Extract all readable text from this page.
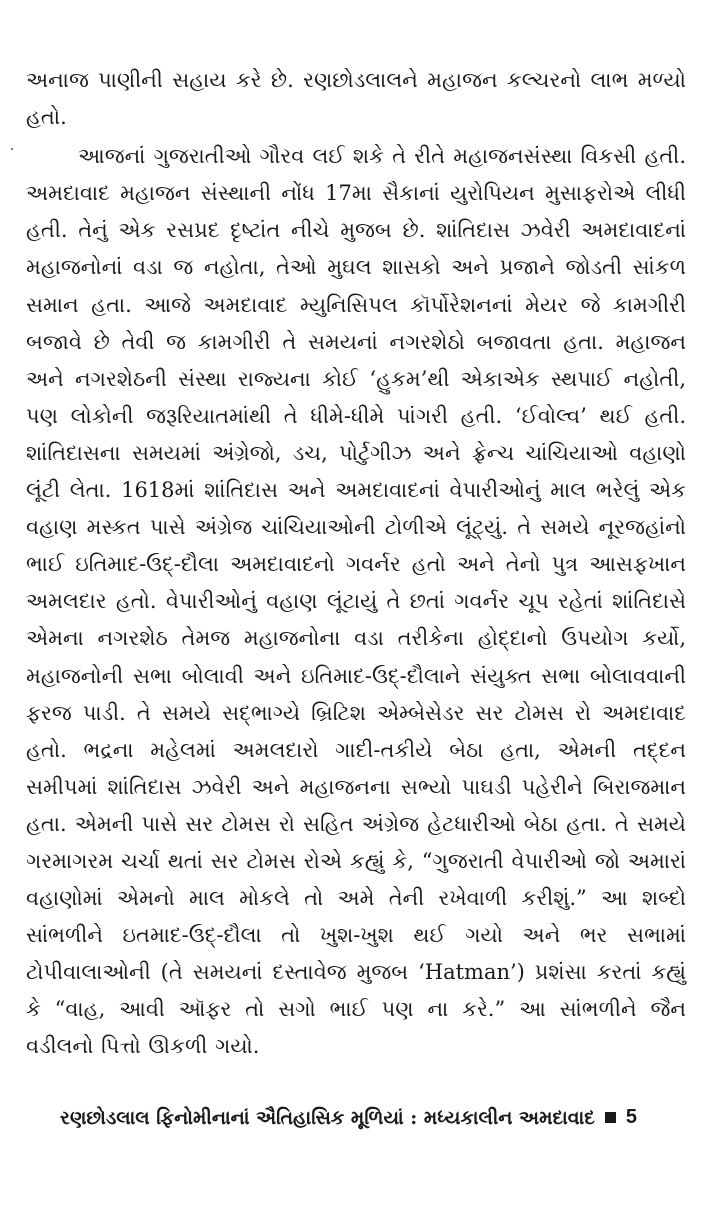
અનાજ પાણીની સહાય કરે છે. રણછોડલાલને મહાજન કલ્ચરનો લાભ મળ્યો હતો.

આજનાં ગુજરાતીઓ ગૌરવ લઈ શકે તે રીતે મહાજનસંસ્થા વિકસી હતી. અમદાવાદ મહાજન સંસ્થાની નોંધ 17મા સૈકાનાં યુરોપિયન મુસાફરોએ લીધી હતી. તેનું એક રસપ્રદ દૃષ્ટાંત નીચે મુજબ છે. શાંતિદાસ ઝવેરી અમદાવાદનાં મહાજનોનાં વડા જ નહોતા, તેઓ મુઘલ શાસકો અને પ્રજાને જોડતી સાંકળ સમાન હતા. આજે અમદાવાદ મ્યુનિસિપલ કૉર્પોરેશનનાં મેયર જે કામગીરી બજાવે છે તેવી જ કામગીરી તે સમયનાં નગરશેઠો બજાવતા હતા. મહાજન અને નગરશેઠની સંસ્થા રાજ્યના કોઈ ‘હુકમ’થી એકાએક સ્થપાઈ નહોતી, પણ લોકોની જરૂરિયાતમાંથી તે ધીમે-ધીમે પાંગરી હતી. ‘ઈવોલ્વ’ થઈ હતી. શાંતિદાસના સમયમાં અંગ્રેજો, ડચ, પોર્ટુગીઝ અને ફ્રેન્ચ ચાંચિયાઓ વહાણો લૂંટી લેતા. 1618માં શાંતિદાસ અને અમદાવાદનાં વેપારીઓનું માલ ભરેલું એક વહાણ મસ્કત પાસે અંગ્રેજ ચાંચિયાઓની ટોળીએ લૂંટ્યું. તે સમયે નૂરજહાંનો ભાઈ ઇતિમાદ-ઉદ્-દૌલા અમદાવાદનો ગવર્નર હતો અને તેનો પુત્ર આસફખાન અમલદાર હતો. વેપારીઓનું વહાણ લૂંટાયું તે છતાં ગવર્નર ચૂપ રહેતાં શાંતિદાસે એમના નગરશેઠ તેમજ મહાજનોના વડા તરીકેના હોદ્દાનો ઉપયોગ કર્યો, મહાજનોની સભા બોલાવી અને ઇતિમાદ-ઉદ્-દૌલાને સંયુક્ત સભા બોલાવવાની ફરજ પાડી. તે સમયે સદ્ભાગ્યે બ્રિટિશ એમ્બેસેડર સર ટોમસ રો અમદાવાદ હતો. ભદ્રના મહેલમાં અમલદારો ગાદી-તકીયે બેઠા હતા, એમની તદ્દન સમીપમાં શાંતિદાસ ઝવેરી અને મહાજનના સભ્યો પાઘડી પહેરીને બિરાજમાન હતા. એમની પાસે સર ટોમસ રો સહિત અંગ્રેજ હેટધારીઓ બેઠા હતા. તે સમયે ગરમાગરમ ચર્ચા થતાં સર ટોમસ રોએ કહ્યું કે, “ગુજરાતી વેપારીઓ જો અમારાં વહાણોમાં એમનો માલ મોકલે તો અમે તેની રખેવાળી કરીશું.” આ શબ્દો સાંભળીને ઇતમાદ-ઉદ્-દૌલા તો ખુશ-ખુશ થઈ ગયો અને ભર સભામાં ટોપીવાલાઓની (તે સમયનાં દસ્તાવેજ મુજબ ‘Hatman’) પ્રશંસા કરતાં કહ્યું કે “વાહ, આવી ઑફર તો સગો ભાઈ પણ ના કરે.” આ સાંભળીને જૈન વડીલનો પિત્તો ઊકળી ગયો.

રણછોડલાલ ફિનોમીનાનાં ઐતિહાસિક મૂળિયાં : મધ્યકાલીન અમદાવાદ 5
